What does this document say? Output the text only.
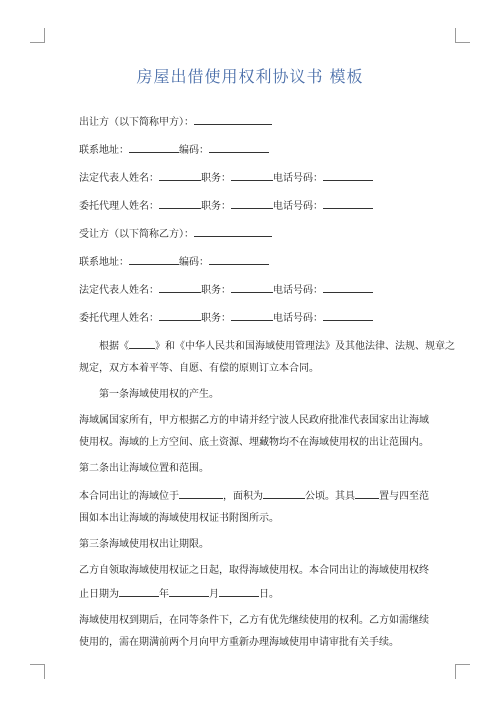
房屋出借使用权利协议书 模板
出让方（以下简称甲方）：
联系地址：	编码：
法定代表人姓名：	职务：	电话号码：
委托代理人姓名：	职务：	电话号码：
受让方（以下简称乙方）：
联系地址：	编码：
法定代表人姓名：	职务：	电话号码：
委托代理人姓名：	职务：	电话号码：
根据《	》和《中华人民共和国海域使用管理法》及其他法律、法规、规章之
规定，双方本着平等、自愿、有偿的原则订立本合同。
第一条海域使用权的产生。
海域属国家所有，甲方根据乙方的申请并经宁波人民政府批准代表国家出让海域
使用权。海域的上方空间、底土资源、埋藏物均不在海域使用权的出让范围内。
第二条出让海域位置和范围。
本合同出让的海域位于	，面积为	公顷。其具 置与四至范
围如本出让海域的海域使用权证书附图所示。
第三条海域使用权出让期限。
乙方自领取海域使用权证之日起，取得海域使用权。本合同出让的海域使用权终
止日期为	年	月	日。
海域使用权到期后，在同等条件下，乙方有优先继续使用的权利。乙方如需继续
使用的，需在期满前两个月向甲方重新办理海域使用申请审批有关手续。
